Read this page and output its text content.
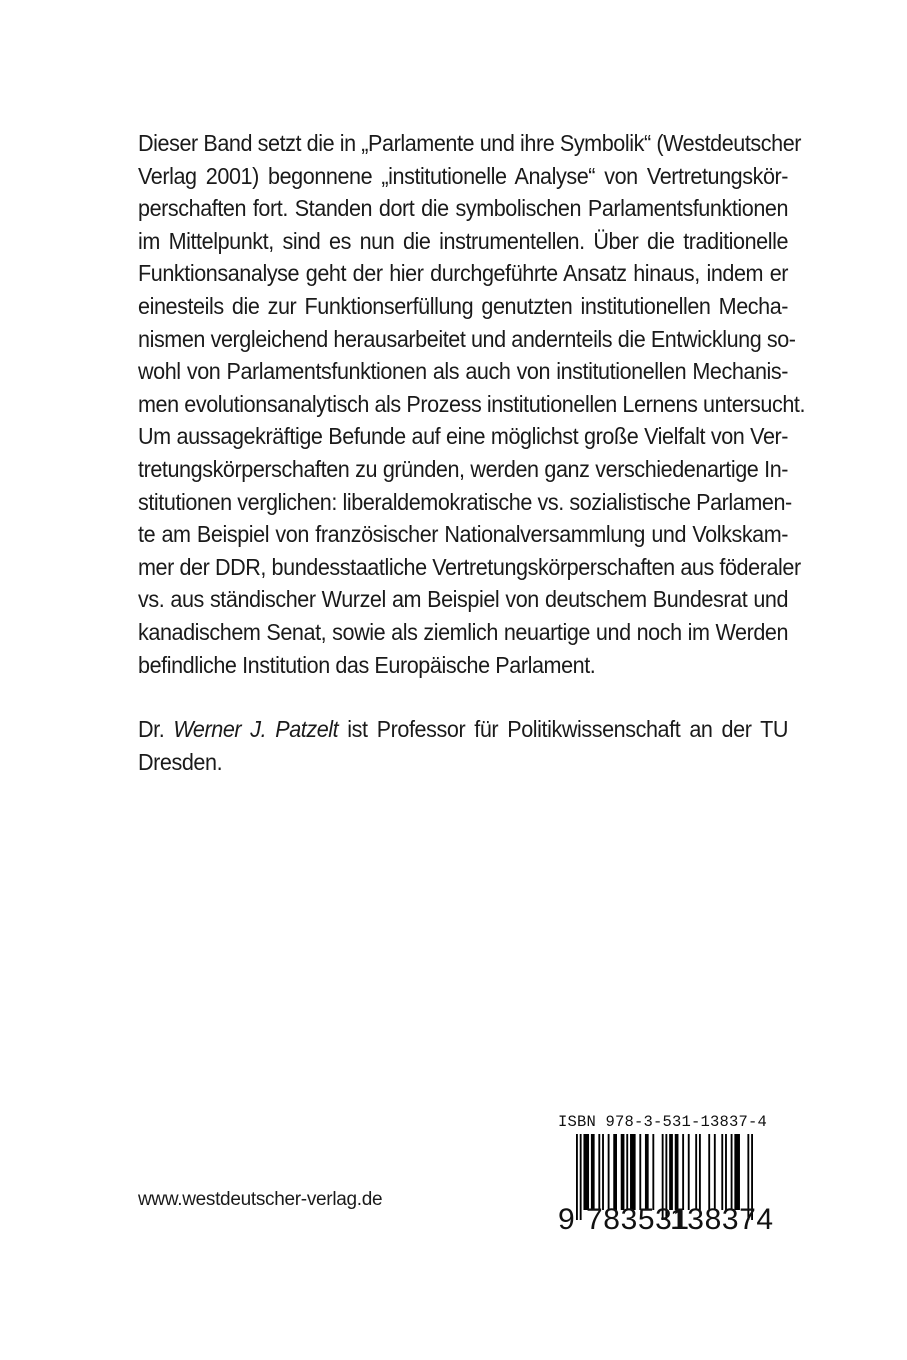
Dieser Band setzt die in „Parlamente und ihre Symbolik“ (Westdeutscher
Verlag 2001) begonnene „institutionelle Analyse“ von Vertretungskör-
perschaften fort. Standen dort die symbolischen Parlamentsfunktionen
im Mittelpunkt, sind es nun die instrumentellen. Über die traditionelle
Funktionsanalyse geht der hier durchgeführte Ansatz hinaus, indem er
einesteils die zur Funktionserfüllung genutzten institutionellen Mecha-
nismen vergleichend herausarbeitet und andernteils die Entwicklung so-
wohl von Parlamentsfunktionen als auch von institutionellen Mechanis-
men evolutionsanalytisch als Prozess institutionellen Lernens untersucht.
Um aussagekräftige Befunde auf eine möglichst große Vielfalt von Ver-
tretungskörperschaften zu gründen, werden ganz verschiedenartige In-
stitutionen verglichen: liberaldemokratische vs. sozialistische Parlamen-
te am Beispiel von französischer Nationalversammlung und Volkskam-
mer der DDR, bundesstaatliche Vertretungskörperschaften aus föderaler
vs. aus ständischer Wurzel am Beispiel von deutschem Bundesrat und
kanadischem Senat, sowie als ziemlich neuartige und noch im Werden
befindliche Institution das Europäische Parlament.
Dr. Werner J. Patzelt ist Professor für Politikwissenschaft an der TU
Dresden.
www.westdeutscher-verlag.de
ISBN 978-3-531-13837-4
9 783531
138374
